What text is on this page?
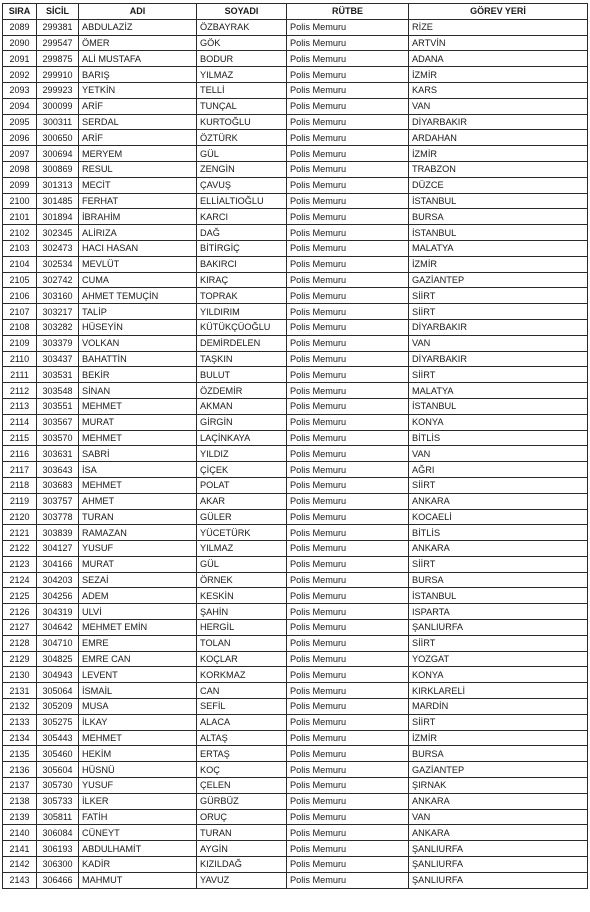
SIRA	SİCİL	ADI	SOYADI	RÜTBE	GÖREV YERİ
2089	299381	ABDULAZİZ	ÖZBAYRAK	Polis Memuru	RİZE
2090	299547	ÖMER	GÖK	Polis Memuru	ARTVİN
2091	299875	ALİ MUSTAFA	BODUR	Polis Memuru	ADANA
2092	299910	BARIŞ	YILMAZ	Polis Memuru	İZMİR
2093	299923	YETKİN	TELLİ	Polis Memuru	KARS
2094	300099	ARİF	TUNÇAL	Polis Memuru	VAN
2095	300311	SERDAL	KURTOĞLU	Polis Memuru	DİYARBAKIR
2096	300650	ARİF	ÖZTÜRK	Polis Memuru	ARDAHAN
2097	300694	MERYEM	GÜL	Polis Memuru	İZMİR
2098	300869	RESUL	ZENGİN	Polis Memuru	TRABZON
2099	301313	MECİT	ÇAVUŞ	Polis Memuru	DÜZCE
2100	301485	FERHAT	ELLİALTIOĞLU	Polis Memuru	İSTANBUL
2101	301894	İBRAHİM	KARCI	Polis Memuru	BURSA
2102	302345	ALİRIZA	DAĞ	Polis Memuru	İSTANBUL
2103	302473	HACI HASAN	BİTİRGİÇ	Polis Memuru	MALATYA
2104	302534	MEVLÜT	BAKIRCI	Polis Memuru	İZMİR
2105	302742	CUMA	KIRAÇ	Polis Memuru	GAZİANTEP
2106	303160	AHMET TEMUÇİN	TOPRAK	Polis Memuru	SİİRT
2107	303217	TALİP	YILDIRIM	Polis Memuru	SİİRT
2108	303282	HÜSEYİN	KÜTÜKÇÜOĞLU	Polis Memuru	DİYARBAKIR
2109	303379	VOLKAN	DEMİRDELEN	Polis Memuru	VAN
2110	303437	BAHATTİN	TAŞKIN	Polis Memuru	DİYARBAKIR
2111	303531	BEKİR	BULUT	Polis Memuru	SİİRT
2112	303548	SİNAN	ÖZDEMİR	Polis Memuru	MALATYA
2113	303551	MEHMET	AKMAN	Polis Memuru	İSTANBUL
2114	303567	MURAT	GİRGİN	Polis Memuru	KONYA
2115	303570	MEHMET	LAÇİNKAYA	Polis Memuru	BİTLİS
2116	303631	SABRİ	YILDIZ	Polis Memuru	VAN
2117	303643	İSA	ÇİÇEK	Polis Memuru	AĞRI
2118	303683	MEHMET	POLAT	Polis Memuru	SİİRT
2119	303757	AHMET	AKAR	Polis Memuru	ANKARA
2120	303778	TURAN	GÜLER	Polis Memuru	KOCAELİ
2121	303839	RAMAZAN	YÜCETÜRK	Polis Memuru	BİTLİS
2122	304127	YUSUF	YILMAZ	Polis Memuru	ANKARA
2123	304166	MURAT	GÜL	Polis Memuru	SİİRT
2124	304203	SEZAİ	ÖRNEK	Polis Memuru	BURSA
2125	304256	ADEM	KESKİN	Polis Memuru	İSTANBUL
2126	304319	ULVİ	ŞAHİN	Polis Memuru	ISPARTA
2127	304642	MEHMET EMİN	HERGİL	Polis Memuru	ŞANLIURFA
2128	304710	EMRE	TOLAN	Polis Memuru	SİİRT
2129	304825	EMRE CAN	KOÇLAR	Polis Memuru	YOZGAT
2130	304943	LEVENT	KORKMAZ	Polis Memuru	KONYA
2131	305064	İSMAİL	CAN	Polis Memuru	KIRKLARELİ
2132	305209	MUSA	SEFİL	Polis Memuru	MARDİN
2133	305275	İLKAY	ALACA	Polis Memuru	SİİRT
2134	305443	MEHMET	ALTAŞ	Polis Memuru	İZMİR
2135	305460	HEKİM	ERTAŞ	Polis Memuru	BURSA
2136	305604	HÜSNÜ	KOÇ	Polis Memuru	GAZİANTEP
2137	305730	YUSUF	ÇELEN	Polis Memuru	ŞIRNAK
2138	305733	İLKER	GÜRBÜZ	Polis Memuru	ANKARA
2139	305811	FATİH	ORUÇ	Polis Memuru	VAN
2140	306084	CÜNEYT	TURAN	Polis Memuru	ANKARA
2141	306193	ABDULHAMİT	AYGİN	Polis Memuru	ŞANLIURFA
2142	306300	KADİR	KIZILDAĞ	Polis Memuru	ŞANLIURFA
2143	306466	MAHMUT	YAVUZ	Polis Memuru	ŞANLIURFA
